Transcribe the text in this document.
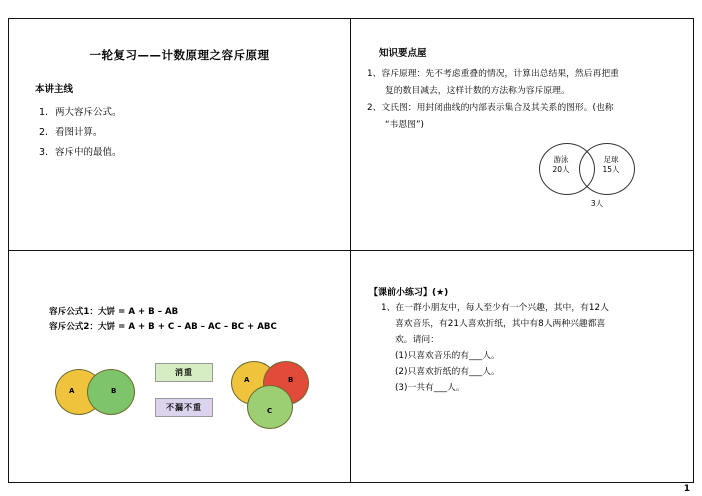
一轮复习——计数原理之容斥原理
本讲主线
1. 两大容斥公式。
2. 看图计算。
3. 容斥中的最值。
知识要点屋

1、容斥原理：先不考虑重叠的情况，计算出总结果，然后再把重

复的数目减去，这样计数的方法称为容斥原理。

2、文氏图：用封闭曲线的内部表示集合及其关系的图形。(也称

“韦恩图”)

游泳
20人
足球
15人
3人
容斥公式1：大饼 = A + B – AB
容斥公式2：大饼 = A + B + C – AB – AC – BC + ABC
A	B
消重
不漏不重
A	B
C
【课前小练习】(★)

1、在一群小朋友中，每人至少有一个兴趣，其中，有12人

喜欢音乐，有21人喜欢折纸，其中有8人两种兴趣都喜

欢。请问：

(1)只喜欢音乐的有___人。

(2)只喜欢折纸的有___人。

(3)一共有___人。

1
